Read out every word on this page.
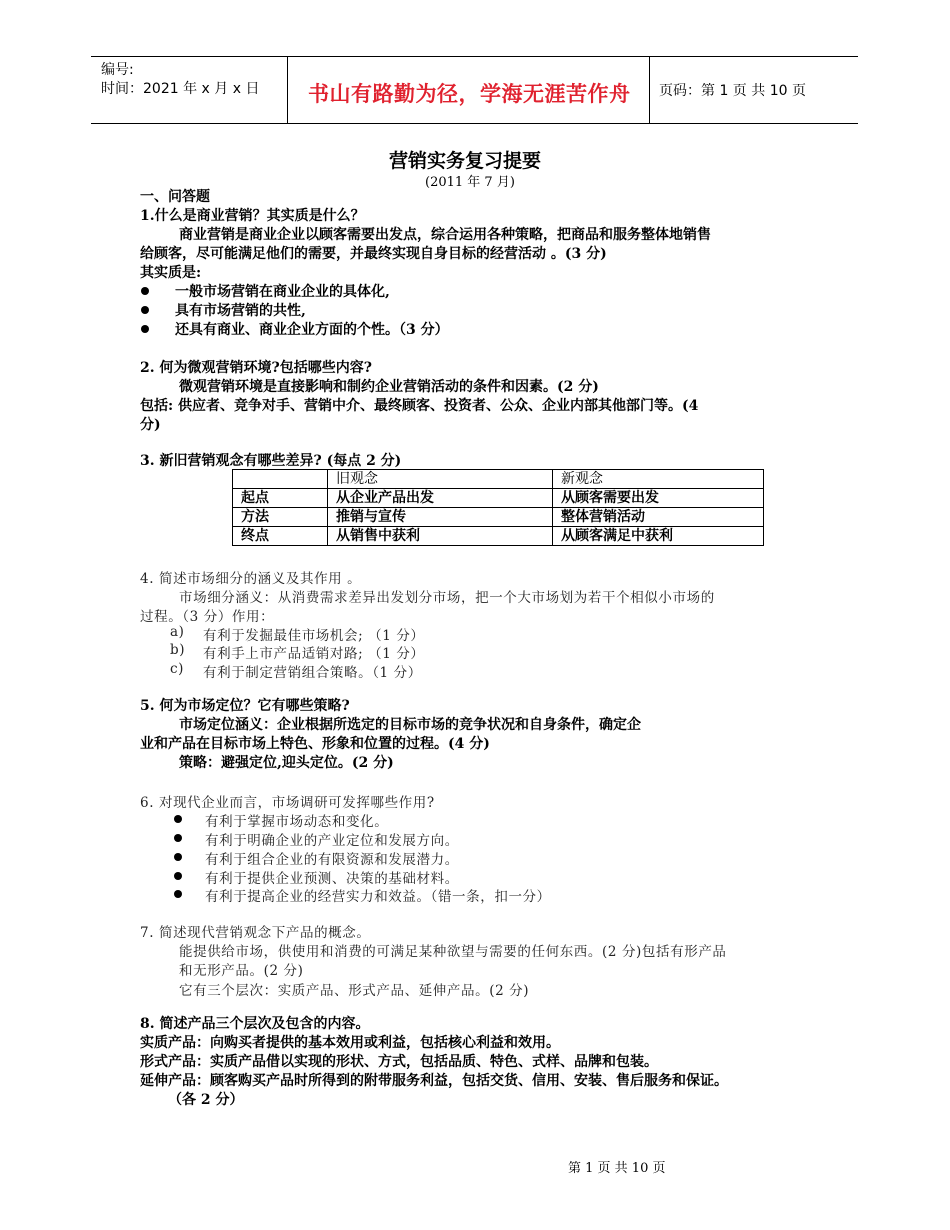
编号:
时间：2021 年 x 月 x 日 书山有路勤为径，学海无涯苦作舟 页码：第 1 页 共 10 页
营销实务复习提要
(2011 年 7 月)
一、问答题
1.什么是商业营销？其实质是什么？
商业营销是商业企业以顾客需要出发点，综合运用各种策略，把商品和服务整体地销售
给顾客，尽可能满足他们的需要，并最终实现自身目标的经营活动 。(3 分)
其实质是:
一般市场营销在商业企业的具体化,
具有市场营销的共性,
还具有商业、商业企业方面的个性。（3 分）
2. 何为微观营销环境?包括哪些内容?
微观营销环境是直接影响和制约企业营销活动的条件和因素。(2 分)
包括: 供应者、竞争对手、营销中介、最终顾客、投资者、公众、企业内部其他部门等。(4
分)
3. 新旧营销观念有哪些差异? (每点 2 分)
	旧观念	新观念
起点	从企业产品出发	从顾客需要出发
方法	推销与宣传	整体营销活动
终点	从销售中获利	从顾客满足中获利
4. 简述市场细分的涵义及其作用 。
市场细分涵义：从消费需求差异出发划分市场，把一个大市场划为若干个相似小市场的
过程。（3 分）作用：
a) 有利于发掘最佳市场机会; （1 分）
b) 有利手上市产品适销对路; （1 分）
c) 有利于制定营销组合策略。（1 分）
5. 何为市场定位？它有哪些策略?
市场定位涵义：企业根据所选定的目标市场的竞争状况和自身条件，确定企
业和产品在目标市场上特色、形象和位置的过程。(4 分)
策略：避强定位,迎头定位。(2 分)
6. 对现代企业而言，市场调研可发挥哪些作用?
有利于掌握市场动态和变化。
有利于明确企业的产业定位和发展方向。
有利于组合企业的有限资源和发展潜力。
有利于提供企业预测、决策的基础材料。
有利于提高企业的经营实力和效益。（错一条，扣一分）
7. 简述现代营销观念下产品的概念。
能提供给市场，供使用和消费的可满足某种欲望与需要的任何东西。(2 分)包括有形产品
和无形产品。(2 分)
它有三个层次：实质产品、形式产品、延伸产品。(2 分)
8. 简述产品三个层次及包含的内容。
实质产品：向购买者提供的基本效用或利益，包括核心利益和效用。
形式产品：实质产品借以实现的形状、方式，包括品质、特色、式样、品牌和包装。
延伸产品：顾客购买产品时所得到的附带服务利益，包括交货、信用、安装、售后服务和保证。
（各 2 分）
第 1 页 共 10 页
